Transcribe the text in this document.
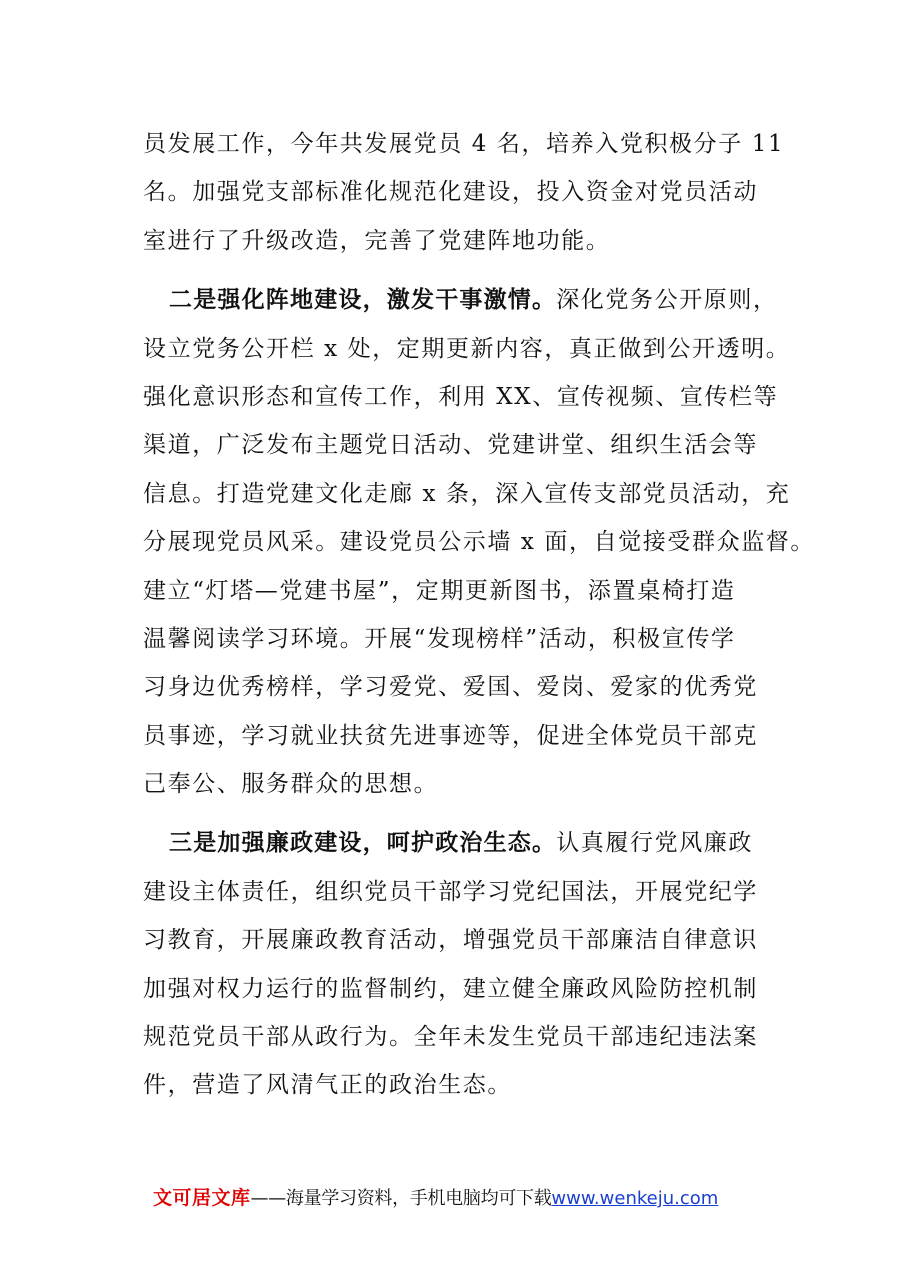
员发展工作，今年共发展党员 4 名，培养入党积极分子 11
名。加强党支部标准化规范化建设，投入资金对党员活动
室进行了升级改造，完善了党建阵地功能。
二是强化阵地建设，激发干事激情。深化党务公开原则，
设立党务公开栏 x 处，定期更新内容，真正做到公开透明。
强化意识形态和宣传工作，利用 XX、宣传视频、宣传栏等
渠道，广泛发布主题党日活动、党建讲堂、组织生活会等
信息。打造党建文化走廊 x 条，深入宣传支部党员活动，充
分展现党员风采。建设党员公示墙 x 面，自觉接受群众监督。
建立“灯塔—党建书屋”，定期更新图书，添置桌椅打造
温馨阅读学习环境。开展“发现榜样”活动，积极宣传学
习身边优秀榜样，学习爱党、爱国、爱岗、爱家的优秀党
员事迹，学习就业扶贫先进事迹等，促进全体党员干部克
己奉公、服务群众的思想。
三是加强廉政建设，呵护政治生态。认真履行党风廉政
建设主体责任，组织党员干部学习党纪国法，开展党纪学
习教育，开展廉政教育活动，增强党员干部廉洁自律意识
加强对权力运行的监督制约，建立健全廉政风险防控机制
规范党员干部从政行为。全年未发生党员干部违纪违法案
件，营造了风清气正的政治生态。
文可居文库——海量学习资料，手机电脑均可下载www.wenkeju.com
